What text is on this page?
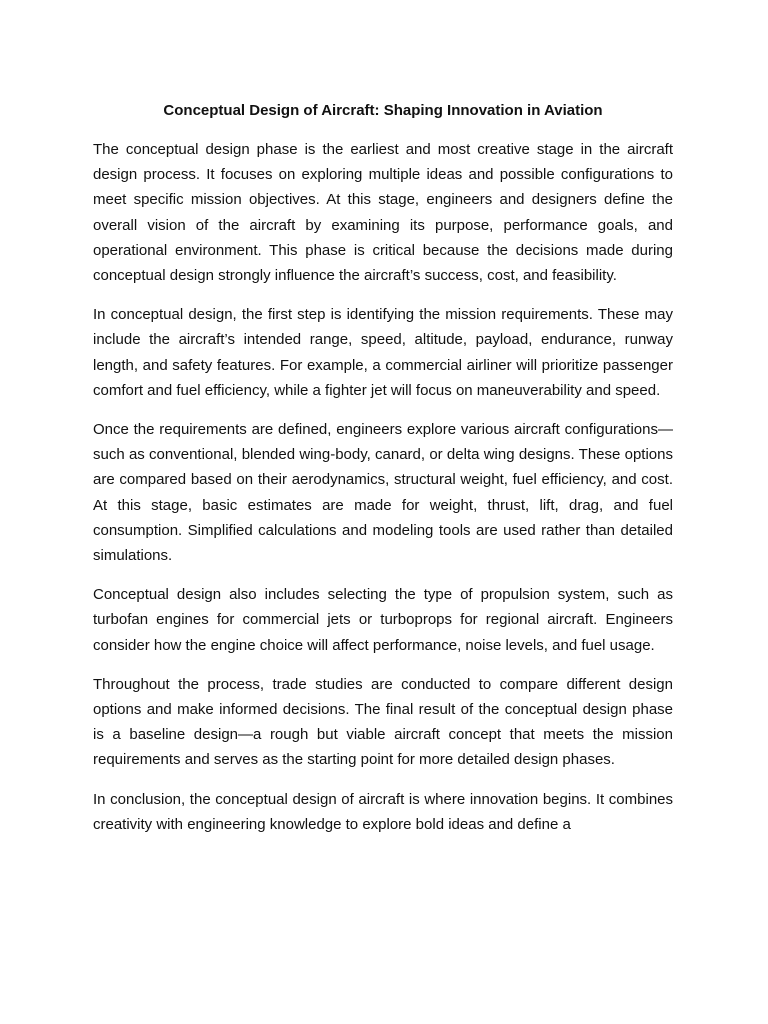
Conceptual Design of Aircraft: Shaping Innovation in Aviation

The conceptual design phase is the earliest and most creative stage in the aircraft design process. It focuses on exploring multiple ideas and possible configurations to meet specific mission objectives. At this stage, engineers and designers define the overall vision of the aircraft by examining its purpose, performance goals, and operational environment. This phase is critical because the decisions made during conceptual design strongly influence the aircraft’s success, cost, and feasibility.

In conceptual design, the first step is identifying the mission requirements. These may include the aircraft’s intended range, speed, altitude, payload, endurance, runway length, and safety features. For example, a commercial airliner will prioritize passenger comfort and fuel efficiency, while a fighter jet will focus on maneuverability and speed.

Once the requirements are defined, engineers explore various aircraft configurations—such as conventional, blended wing-body, canard, or delta wing designs. These options are compared based on their aerodynamics, structural weight, fuel efficiency, and cost. At this stage, basic estimates are made for weight, thrust, lift, drag, and fuel consumption. Simplified calculations and modeling tools are used rather than detailed simulations.

Conceptual design also includes selecting the type of propulsion system, such as turbofan engines for commercial jets or turboprops for regional aircraft. Engineers consider how the engine choice will affect performance, noise levels, and fuel usage.

Throughout the process, trade studies are conducted to compare different design options and make informed decisions. The final result of the conceptual design phase is a baseline design—a rough but viable aircraft concept that meets the mission requirements and serves as the starting point for more detailed design phases.

In conclusion, the conceptual design of aircraft is where innovation begins. It combines creativity with engineering knowledge to explore bold ideas and define a
